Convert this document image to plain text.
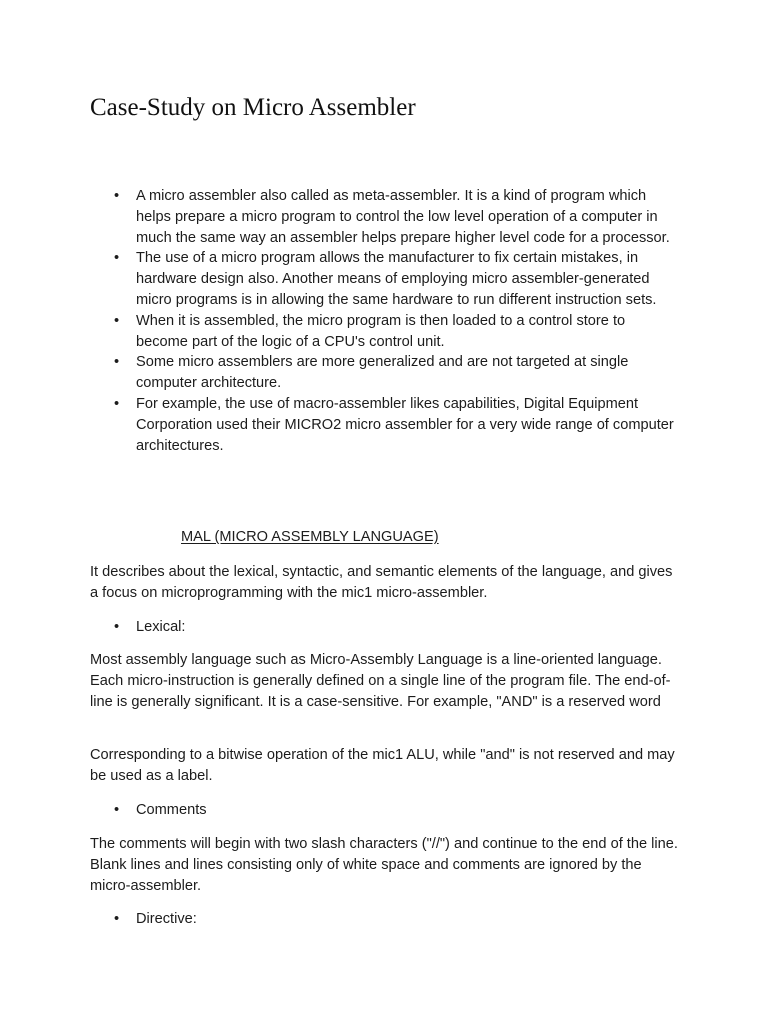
Case-Study on Micro Assembler
• A micro assembler also called as meta-assembler. It is a kind of program which helps prepare a micro program to control the low level operation of a computer in much the same way an assembler helps prepare higher level code for a processor.
• The use of a micro program allows the manufacturer to fix certain mistakes, in hardware design also. Another means of employing micro assembler-generated micro programs is in allowing the same hardware to run different instruction sets.
• When it is assembled, the micro program is then loaded to a control store to become part of the logic of a CPU's control unit.
• Some micro assemblers are more generalized and are not targeted at single computer architecture.
• For example, the use of macro-assembler likes capabilities, Digital Equipment Corporation used their MICRO2 micro assembler for a very wide range of computer architectures.

MAL (MICRO ASSEMBLY LANGUAGE)

It describes about the lexical, syntactic, and semantic elements of the language, and gives a focus on microprogramming with the mic1 micro-assembler.

• Lexical:

Most assembly language such as Micro-Assembly Language is a line-oriented language. Each micro-instruction is generally defined on a single line of the program file. The end-of-line is generally significant. It is a case-sensitive. For example, "AND" is a reserved word

Corresponding to a bitwise operation of the mic1 ALU, while "and" is not reserved and may be used as a label.

• Comments

The comments will begin with two slash characters ("//") and continue to the end of the line. Blank lines and lines consisting only of white space and comments are ignored by the micro-assembler.

• Directive:
